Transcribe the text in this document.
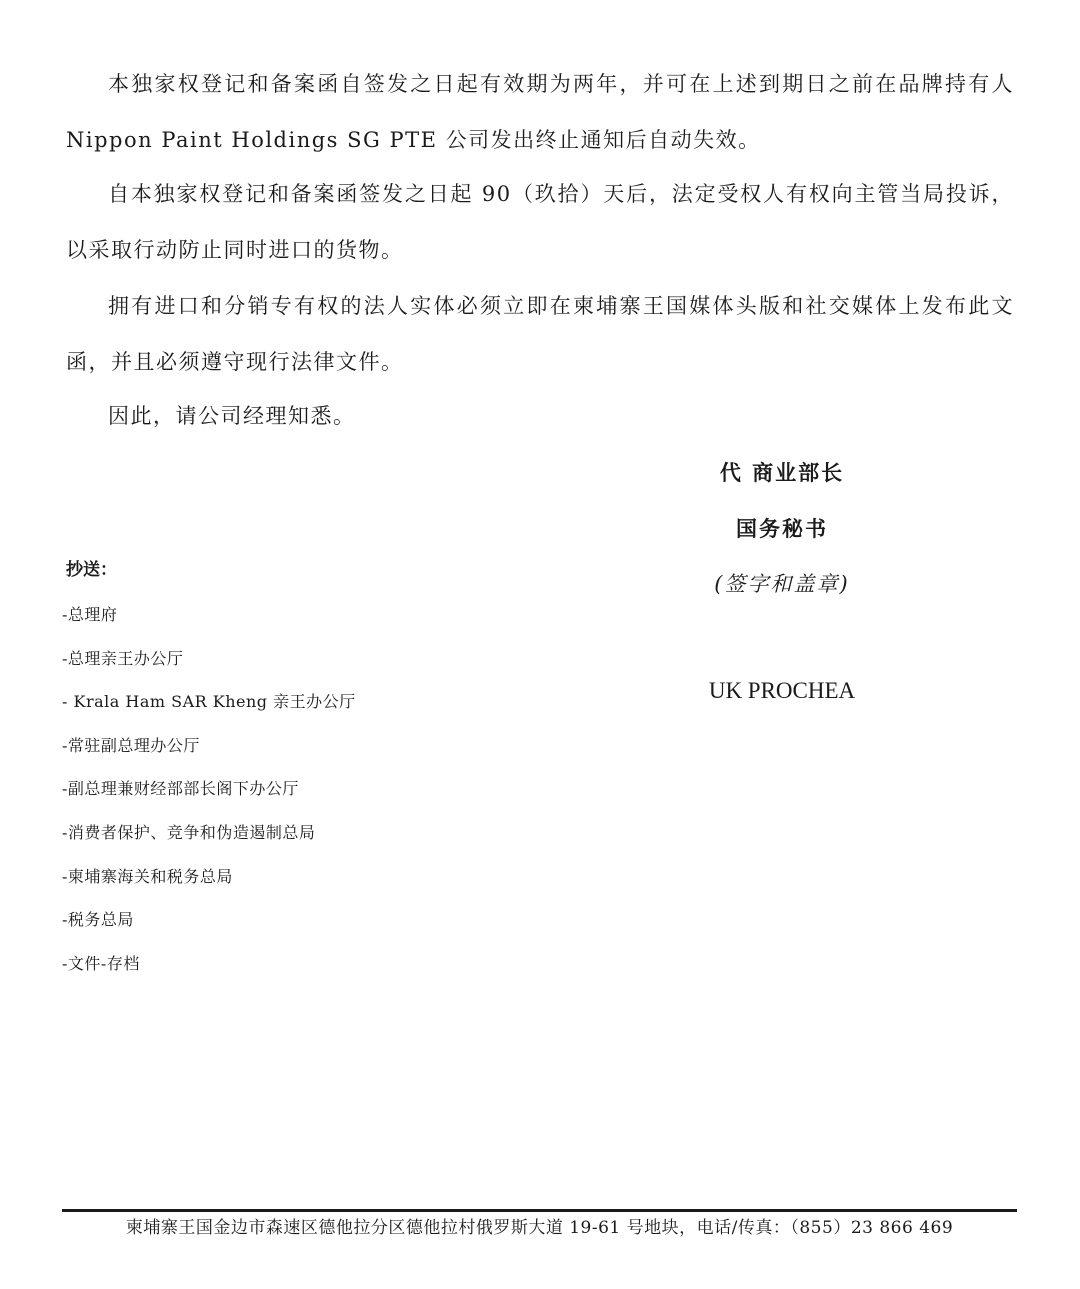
本独家权登记和备案函自签发之日起有效期为两年，并可在上述到期日之前在品牌持有人 Nippon Paint Holdings SG PTE 公司发出终止通知后自动失效。

自本独家权登记和备案函签发之日起 90（玖拾）天后，法定受权人有权向主管当局投诉，以采取行动防止同时进口的货物。

拥有进口和分销专有权的法人实体必须立即在柬埔寨王国媒体头版和社交媒体上发布此文函，并且必须遵守现行法律文件。

因此，请公司经理知悉。

代 商业部长

国务秘书

(签字和盖章)

UK PROCHEA

抄送：

-总理府
-总理亲王办公厅
- Krala Ham SAR Kheng 亲王办公厅
-常驻副总理办公厅
-副总理兼财经部部长阁下办公厅
-消费者保护、竞争和伪造遏制总局
-柬埔寨海关和税务总局
-税务总局
-文件-存档

柬埔寨王国金边市森速区德他拉分区德他拉村俄罗斯大道 19-61 号地块，电话/传真：（855）23 866 469
